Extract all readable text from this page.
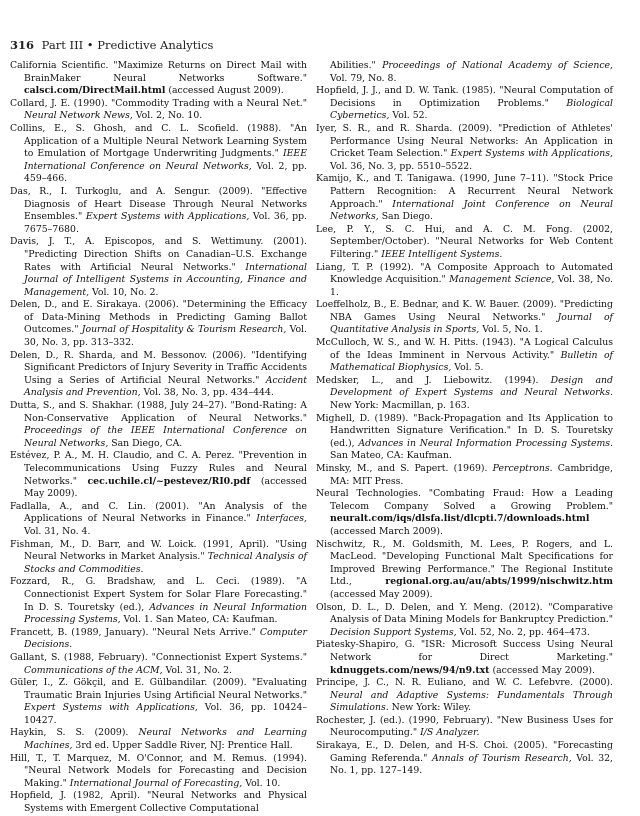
316 Part III • Predictive Analytics

California Scientific. "Maximize Returns on Direct Mail with BrainMaker Neural Networks Software." calsci.com/DirectMail.html (accessed August 2009).

Collard, J. E. (1990). "Commodity Trading with a Neural Net." Neural Network News, Vol. 2, No. 10.

Collins, E., S. Ghosh, and C. L. Scofield. (1988). "An Application of a Multiple Neural Network Learning System to Emulation of Mortgage Underwriting Judgments." IEEE International Conference on Neural Networks, Vol. 2, pp. 459–466.

Das, R., I. Turkoglu, and A. Sengur. (2009). "Effective Diagnosis of Heart Disease Through Neural Networks Ensembles." Expert Systems with Applications, Vol. 36, pp. 7675–7680.

Davis, J. T., A. Episcopos, and S. Wettimuny. (2001). "Predicting Direction Shifts on Canadian–U.S. Exchange Rates with Artificial Neural Networks." International Journal of Intelligent Systems in Accounting, Finance and Management, Vol. 10, No. 2.

Delen, D., and E. Sirakaya. (2006). "Determining the Efficacy of Data-Mining Methods in Predicting Gaming Ballot Outcomes." Journal of Hospitality & Tourism Research, Vol. 30, No. 3, pp. 313–332.

Delen, D., R. Sharda, and M. Bessonov. (2006). "Identifying Significant Predictors of Injury Severity in Traffic Accidents Using a Series of Artificial Neural Networks." Accident Analysis and Prevention, Vol. 38, No. 3, pp. 434–444.

Dutta, S., and S. Shakhar. (1988, July 24–27). "Bond-Rating: A Non-Conservative Application of Neural Networks." Proceedings of the IEEE International Conference on Neural Networks, San Diego, CA.

Estévez, P. A., M. H. Claudio, and C. A. Perez. "Prevention in Telecommunications Using Fuzzy Rules and Neural Networks." cec.uchile.cl/~pestevez/RI0.pdf (accessed May 2009).

Fadlalla, A., and C. Lin. (2001). "An Analysis of the Applications of Neural Networks in Finance." Interfaces, Vol. 31, No. 4.

Fishman, M., D. Barr, and W. Loick. (1991, April). "Using Neural Networks in Market Analysis." Technical Analysis of Stocks and Commodities.

Fozzard, R., G. Bradshaw, and L. Ceci. (1989). "A Connectionist Expert System for Solar Flare Forecasting." In D. S. Touretsky (ed.), Advances in Neural Information Processing Systems, Vol. 1. San Mateo, CA: Kaufman.

Francett, B. (1989, January). "Neural Nets Arrive." Computer Decisions.

Gallant, S. (1988, February). "Connectionist Expert Systems." Communications of the ACM, Vol. 31, No. 2.

Güler, I., Z. Gökçil, and E. Gülbandilar. (2009). "Evaluating Traumatic Brain Injuries Using Artificial Neural Networks." Expert Systems with Applications, Vol. 36, pp. 10424–10427.

Haykin, S. S. (2009). Neural Networks and Learning Machines, 3rd ed. Upper Saddle River, NJ: Prentice Hall.

Hill, T., T. Marquez, M. O'Connor, and M. Remus. (1994). "Neural Network Models for Forecasting and Decision Making." International Journal of Forecasting, Vol. 10.

Hopfield, J. (1982, April). "Neural Networks and Physical Systems with Emergent Collective Computational

Abilities." Proceedings of National Academy of Science, Vol. 79, No. 8.

Hopfield, J. J., and D. W. Tank. (1985). "Neural Computation of Decisions in Optimization Problems." Biological Cybernetics, Vol. 52.

Iyer, S. R., and R. Sharda. (2009). "Prediction of Athletes' Performance Using Neural Networks: An Application in Cricket Team Selection." Expert Systems with Applications, Vol. 36, No. 3, pp. 5510–5522.

Kamijo, K., and T. Tanigawa. (1990, June 7–11). "Stock Price Pattern Recognition: A Recurrent Neural Network Approach." International Joint Conference on Neural Networks, San Diego.

Lee, P. Y., S. C. Hui, and A. C. M. Fong. (2002, September/October). "Neural Networks for Web Content Filtering." IEEE Intelligent Systems.

Liang, T. P. (1992). "A Composite Approach to Automated Knowledge Acquisition." Management Science, Vol. 38, No. 1.

Loeffelholz, B., E. Bednar, and K. W. Bauer. (2009). "Predicting NBA Games Using Neural Networks." Journal of Quantitative Analysis in Sports, Vol. 5, No. 1.

McCulloch, W. S., and W. H. Pitts. (1943). "A Logical Calculus of the Ideas Imminent in Nervous Activity." Bulletin of Mathematical Biophysics, Vol. 5.

Medsker, L., and J. Liebowitz. (1994). Design and Development of Expert Systems and Neural Networks. New York: Macmillan, p. 163.

Mighell, D. (1989). "Back-Propagation and Its Application to Handwritten Signature Verification." In D. S. Touretsky (ed.), Advances in Neural Information Processing Systems. San Mateo, CA: Kaufman.

Minsky, M., and S. Papert. (1969). Perceptrons. Cambridge, MA: MIT Press.

Neural Technologies. "Combating Fraud: How a Leading Telecom Company Solved a Growing Problem." neuralt.com/iqs/dlsfa.list/dlcpti.7/downloads.html (accessed March 2009).

Nischwitz, R., M. Goldsmith, M. Lees, P. Rogers, and L. MacLeod. "Developing Functional Malt Specifications for Improved Brewing Performance." The Regional Institute Ltd., regional.org.au/au/abts/1999/nischwitz.htm (accessed May 2009).

Olson, D. L., D. Delen, and Y. Meng. (2012). "Comparative Analysis of Data Mining Models for Bankruptcy Prediction." Decision Support Systems, Vol. 52, No. 2, pp. 464–473.

Piatesky-Shapiro, G. "ISR: Microsoft Success Using Neural Network for Direct Marketing." kdnuggets.com/news/94/n9.txt (accessed May 2009).

Principe, J. C., N. R. Euliano, and W. C. Lefebvre. (2000). Neural and Adaptive Systems: Fundamentals Through Simulations. New York: Wiley.

Rochester, J. (ed.). (1990, February). "New Business Uses for Neurocomputing." I/S Analyzer.

Sirakaya, E., D. Delen, and H-S. Choi. (2005). "Forecasting Gaming Referenda." Annals of Tourism Research, Vol. 32, No. 1, pp. 127–149.
